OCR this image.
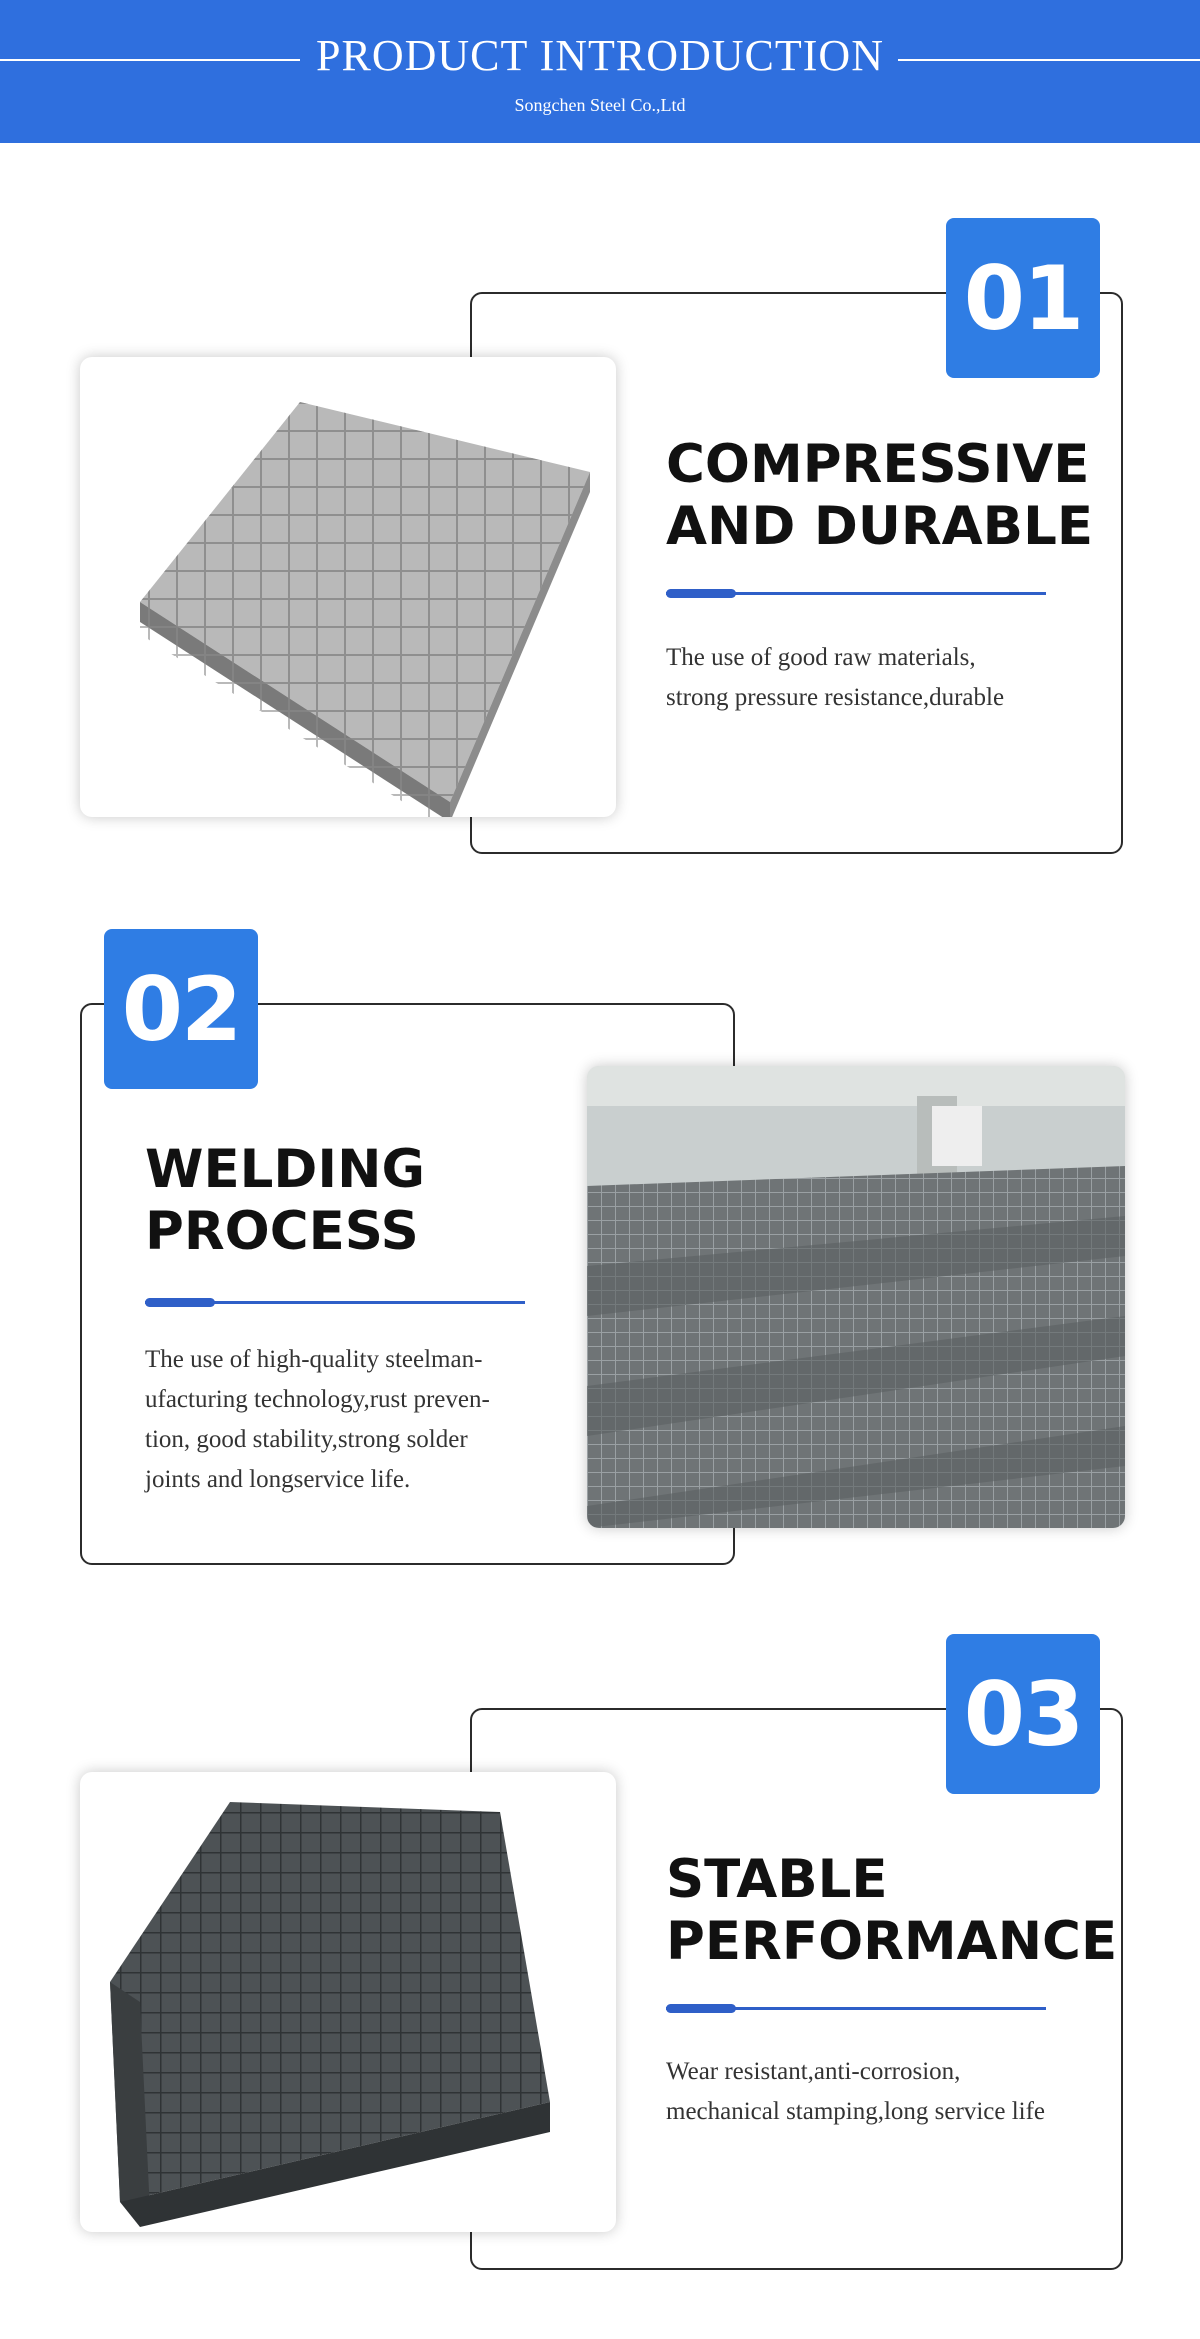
PRODUCT INTRODUCTION
Songchen Steel Co.,Ltd
01
COMPRESSIVE
AND DURABLE
The use of good raw materials,
strong pressure resistance,durable
02
WELDING
PROCESS
The use of high-quality steelman-
ufacturing technology,rust preven-
tion, good stability,strong solder
joints and longservice life.
03
STABLE
PERFORMANCE
Wear resistant,anti-corrosion,
mechanical stamping,long service life
